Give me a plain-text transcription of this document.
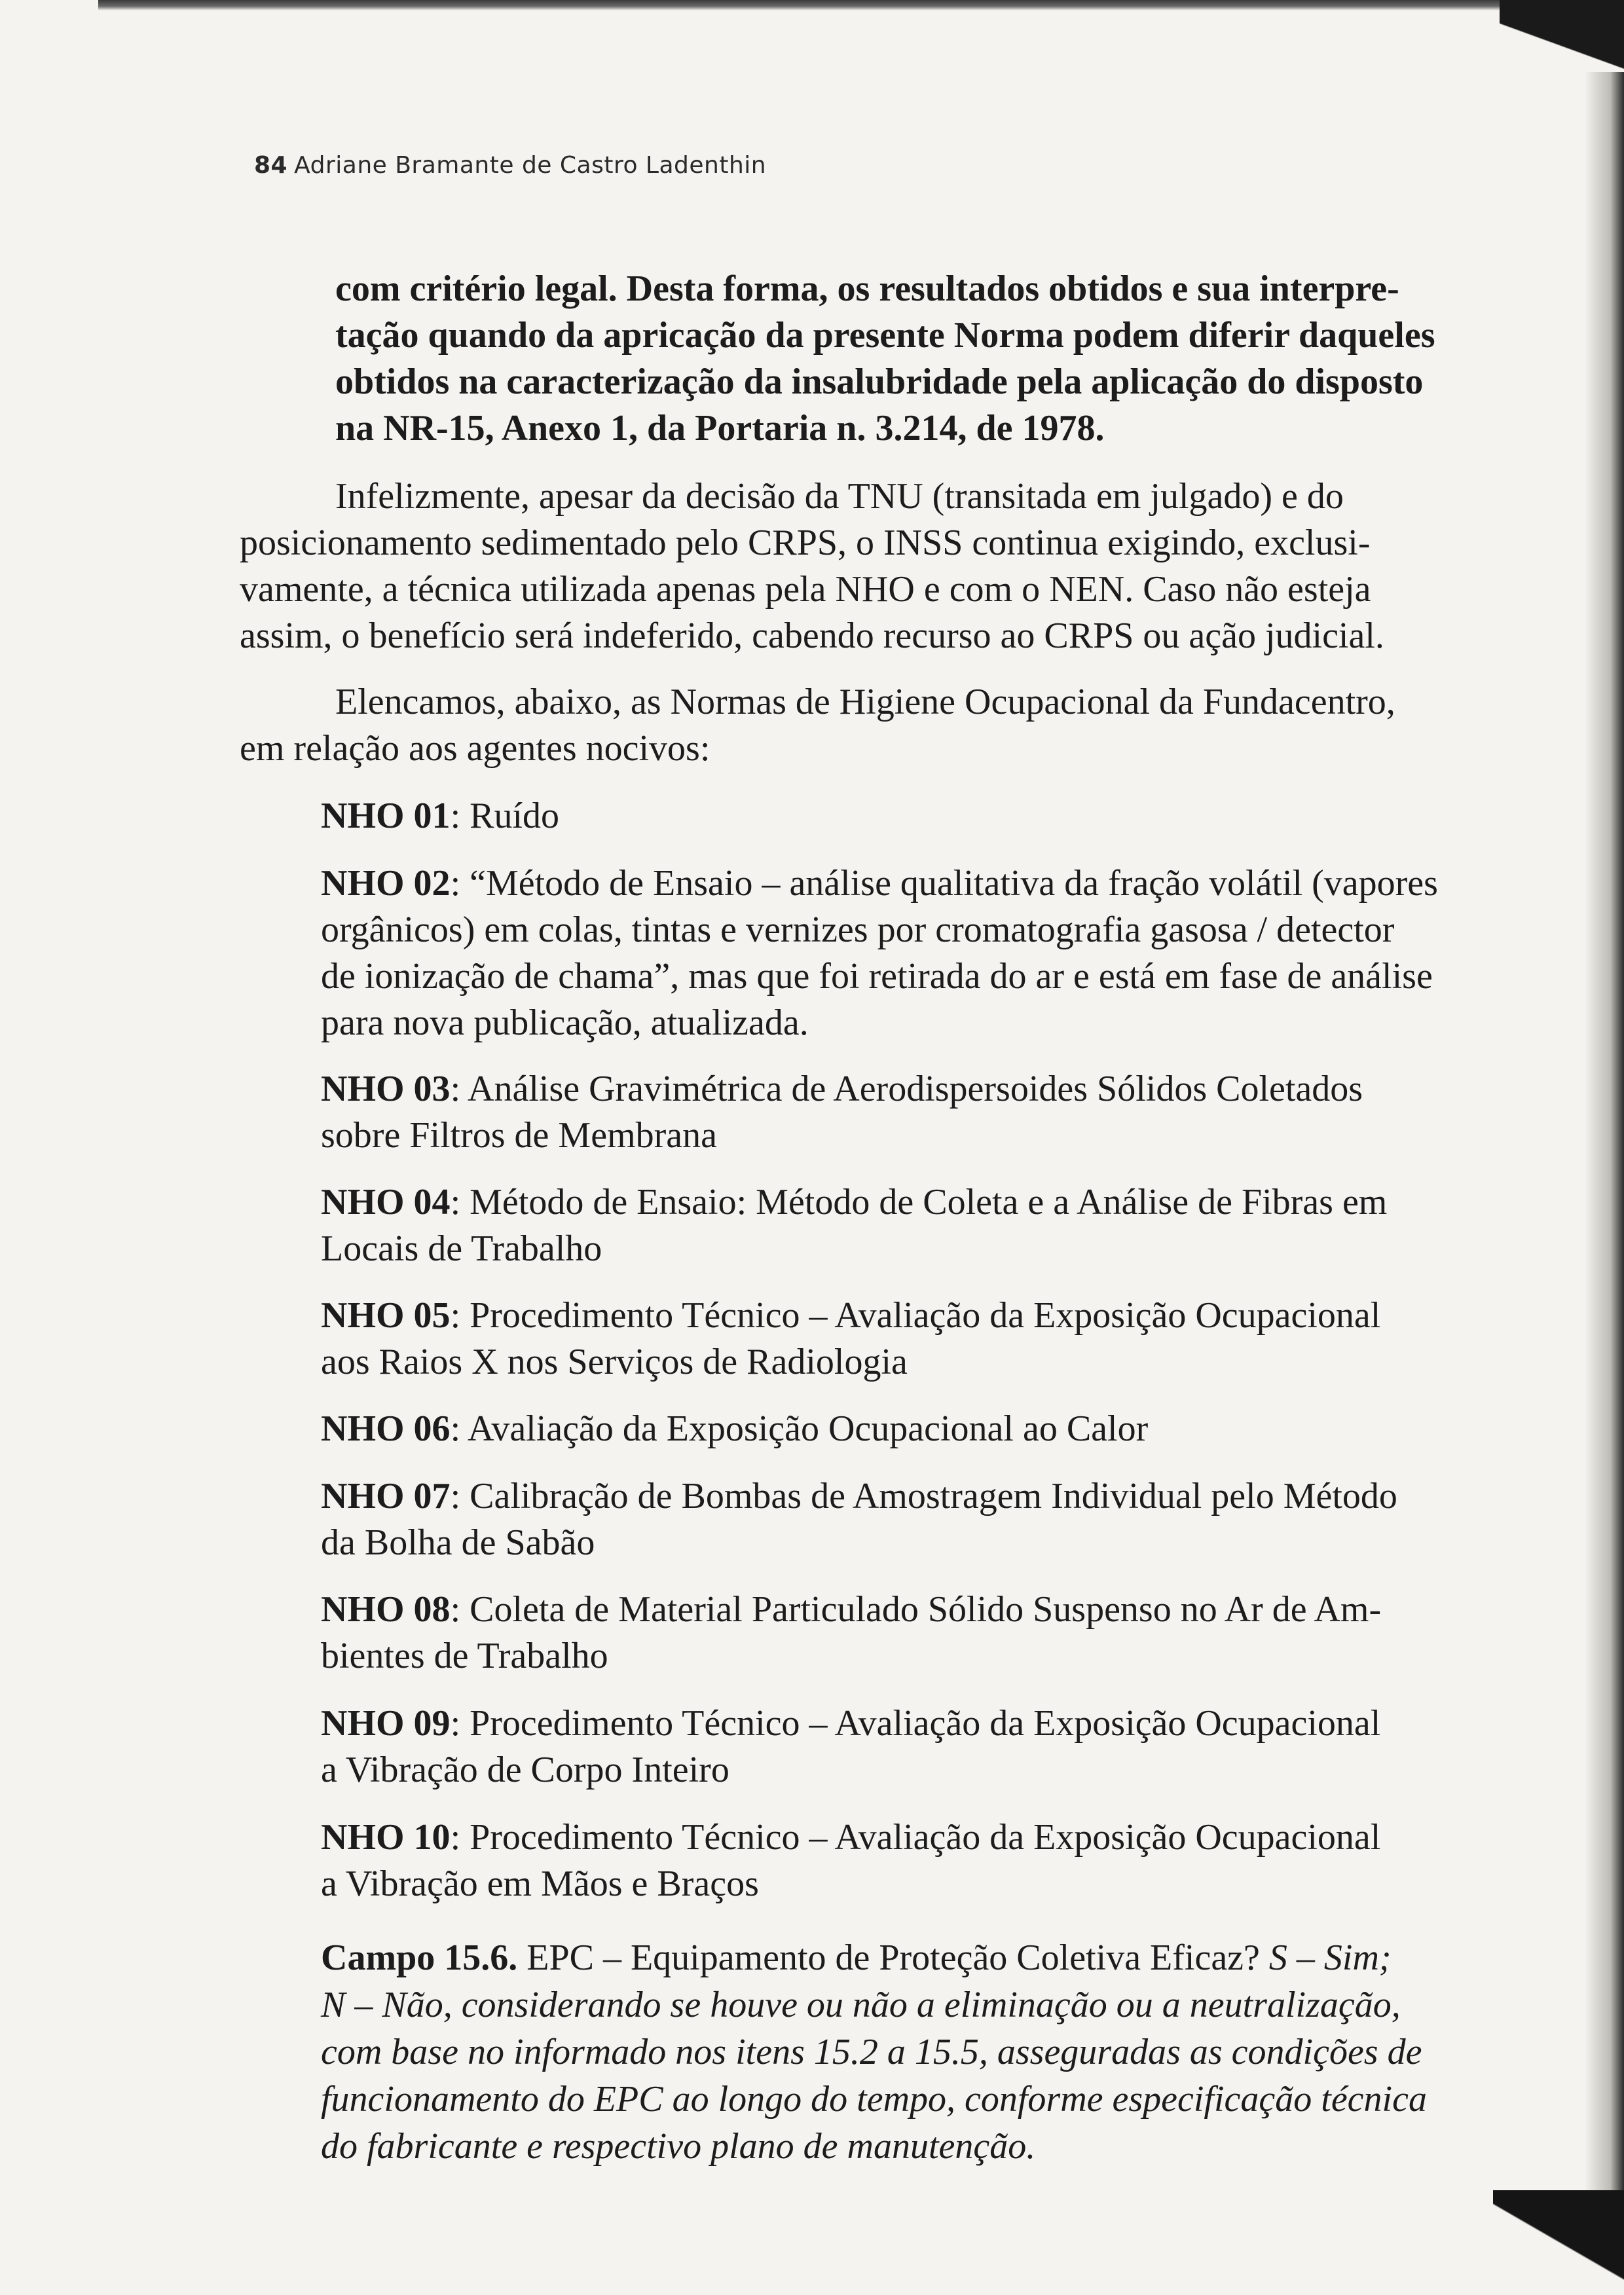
84 Adriane Bramante de Castro Ladenthin
com critério legal. Desta forma, os resultados obtidos e sua interpre-
tação quando da apricação da presente Norma podem diferir daqueles
obtidos na caracterização da insalubridade pela aplicação do disposto
na NR-15, Anexo 1, da Portaria n. 3.214, de 1978.
Infelizmente, apesar da decisão da TNU (transitada em julgado) e do
posicionamento sedimentado pelo CRPS, o INSS continua exigindo, exclusi-
vamente, a técnica utilizada apenas pela NHO e com o NEN. Caso não esteja
assim, o benefício será indeferido, cabendo recurso ao CRPS ou ação judicial.
Elencamos, abaixo, as Normas de Higiene Ocupacional da Fundacentro,
em relação aos agentes nocivos:
NHO 01: Ruído
NHO 02: “Método de Ensaio – análise qualitativa da fração volátil (vapores
orgânicos) em colas, tintas e vernizes por cromatografia gasosa / detector
de ionização de chama”, mas que foi retirada do ar e está em fase de análise
para nova publicação, atualizada.
NHO 03: Análise Gravimétrica de Aerodispersoides Sólidos Coletados
sobre Filtros de Membrana
NHO 04: Método de Ensaio: Método de Coleta e a Análise de Fibras em
Locais de Trabalho
NHO 05: Procedimento Técnico – Avaliação da Exposição Ocupacional
aos Raios X nos Serviços de Radiologia
NHO 06: Avaliação da Exposição Ocupacional ao Calor
NHO 07: Calibração de Bombas de Amostragem Individual pelo Método
da Bolha de Sabão
NHO 08: Coleta de Material Particulado Sólido Suspenso no Ar de Am-
bientes de Trabalho
NHO 09: Procedimento Técnico – Avaliação da Exposição Ocupacional
a Vibração de Corpo Inteiro
NHO 10: Procedimento Técnico – Avaliação da Exposição Ocupacional
a Vibração em Mãos e Braços
Campo 15.6. EPC – Equipamento de Proteção Coletiva Eficaz? S – Sim;
N – Não, considerando se houve ou não a eliminação ou a neutralização,
com base no informado nos itens 15.2 a 15.5, asseguradas as condições de
funcionamento do EPC ao longo do tempo, conforme especificação técnica
do fabricante e respectivo plano de manutenção.
